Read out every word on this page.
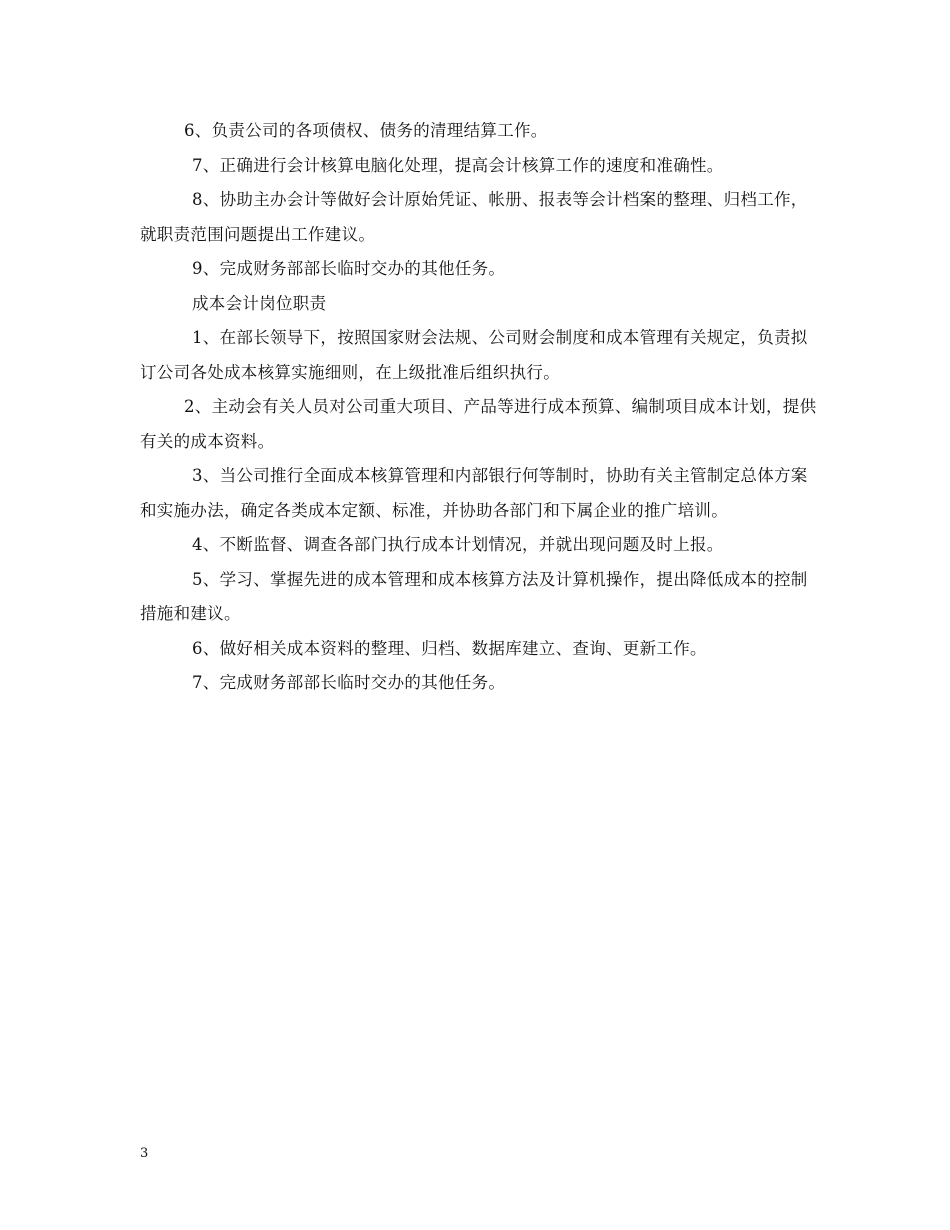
6、负责公司的各项债权、债务的清理结算工作。

7、正确进行会计核算电脑化处理，提高会计核算工作的速度和准确性。

8、协助主办会计等做好会计原始凭证、帐册、报表等会计档案的整理、归档工作，就职责范围问题提出工作建议。

9、完成财务部部长临时交办的其他任务。

成本会计岗位职责

1、在部长领导下，按照国家财会法规、公司财会制度和成本管理有关规定，负责拟订公司各处成本核算实施细则，在上级批准后组织执行。

2、主动会有关人员对公司重大项目、产品等进行成本预算、编制项目成本计划，提供有关的成本资料。

3、当公司推行全面成本核算管理和内部银行何等制时，协助有关主管制定总体方案和实施办法，确定各类成本定额、标准，并协助各部门和下属企业的推广培训。

4、不断监督、调查各部门执行成本计划情况，并就出现问题及时上报。

5、学习、掌握先进的成本管理和成本核算方法及计算机操作，提出降低成本的控制措施和建议。

6、做好相关成本资料的整理、归档、数据库建立、查询、更新工作。

7、完成财务部部长临时交办的其他任务。

3
